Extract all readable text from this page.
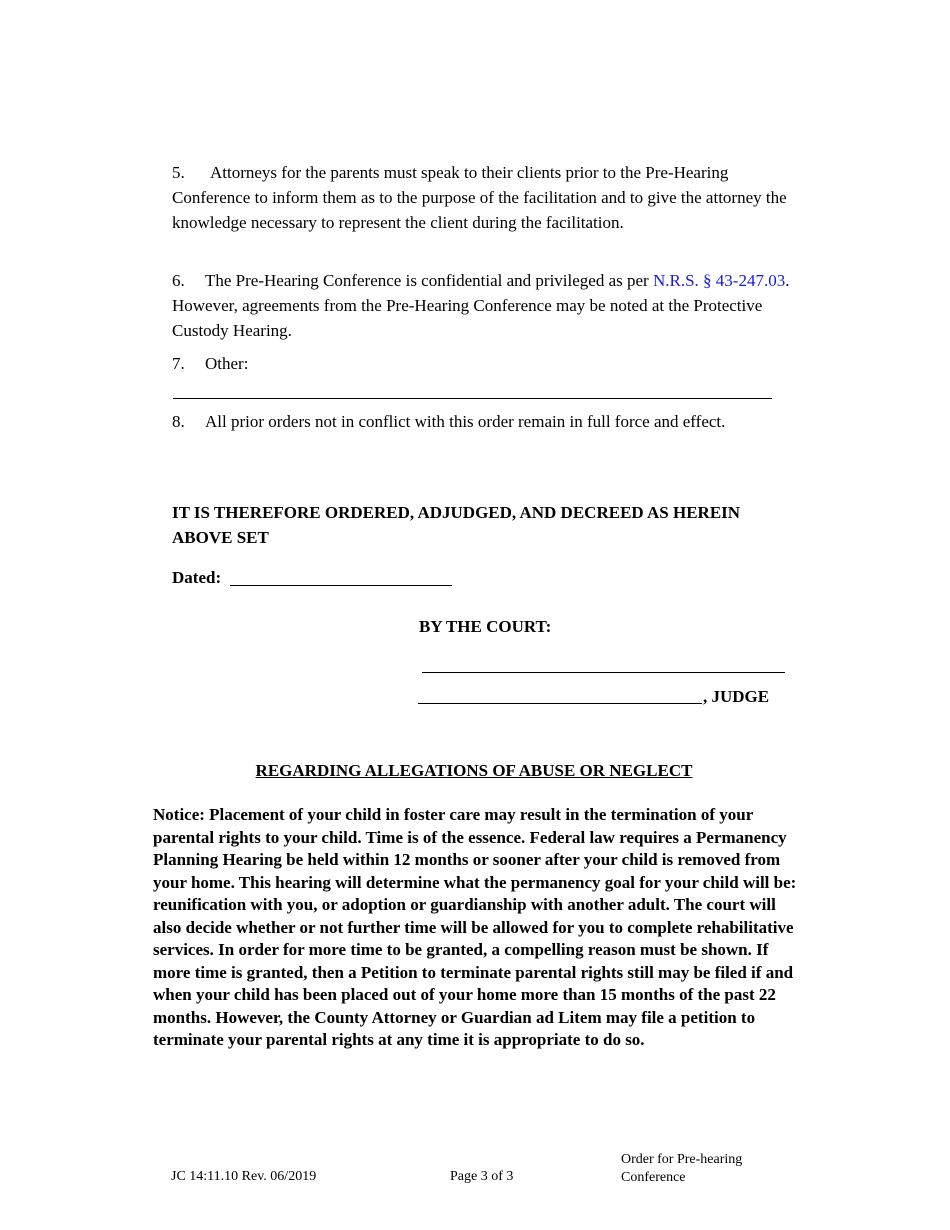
5. Attorneys for the parents must speak to their clients prior to the Pre-Hearing Conference to inform them as to the purpose of the facilitation and to give the attorney the knowledge necessary to represent the client during the facilitation.
6. The Pre-Hearing Conference is confidential and privileged as per N.R.S. § 43-247.03. However, agreements from the Pre-Hearing Conference may be noted at the Protective Custody Hearing.
7. Other:
8. All prior orders not in conflict with this order remain in full force and effect.
IT IS THEREFORE ORDERED, ADJUDGED, AND DECREED AS HEREIN ABOVE SET
Dated:
BY THE COURT:
, JUDGE
REGARDING ALLEGATIONS OF ABUSE OR NEGLECT
Notice: Placement of your child in foster care may result in the termination of your parental rights to your child. Time is of the essence. Federal law requires a Permanency Planning Hearing be held within 12 months or sooner after your child is removed from your home. This hearing will determine what the permanency goal for your child will be: reunification with you, or adoption or guardianship with another adult. The court will also decide whether or not further time will be allowed for you to complete rehabilitative services. In order for more time to be granted, a compelling reason must be shown. If more time is granted, then a Petition to terminate parental rights still may be filed if and when your child has been placed out of your home more than 15 months of the past 22 months. However, the County Attorney or Guardian ad Litem may file a petition to terminate your parental rights at any time it is appropriate to do so.
JC 14:11.10 Rev. 06/2019	Page 3 of 3
Order for Pre-hearing Conference
